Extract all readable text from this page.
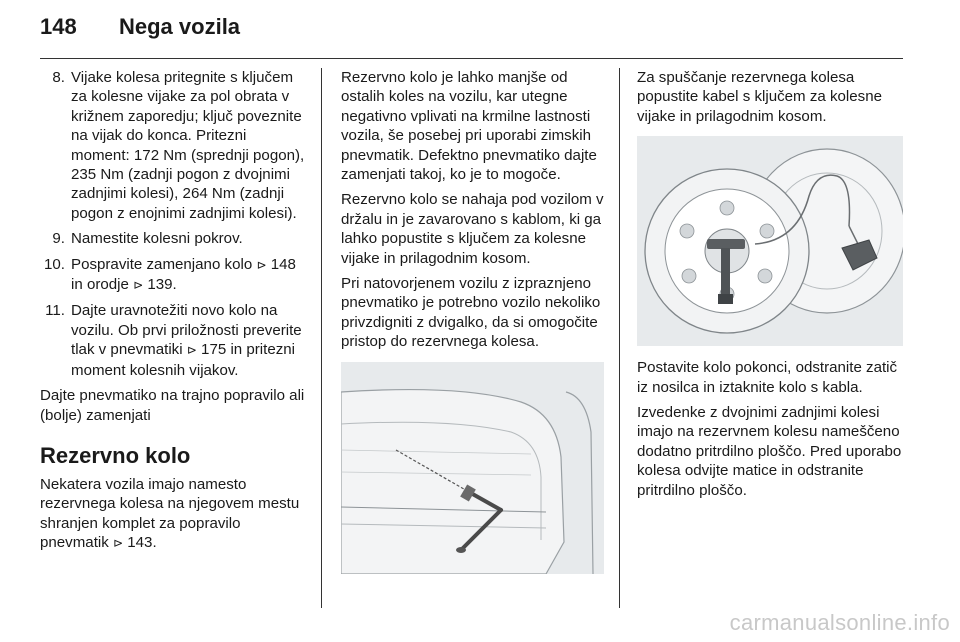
148 Nega vozila
8. Vijake kolesa pritegnite s ključem za kolesne vijake za pol obrata v križnem zaporedju; ključ poveznite na vijak do konca. Pritezni moment: 172 Nm (sprednji pogon), 235 Nm (zadnji pogon z dvojnimi zadnjimi kolesi), 264 Nm (zadnji pogon z enojnimi zadnjimi kolesi).
9. Namestite kolesni pokrov.
10. Pospravite zamenjano kolo ⊳ 148 in orodje ⊳ 139.
11. Dajte uravnotežiti novo kolo na vozilu. Ob prvi priložnosti preverite tlak v pnevmatiki ⊳ 175 in pritezni moment kolesnih vijakov.

Dajte pnevmatiko na trajno popravilo ali (bolje) zamenjati

Rezervno kolo

Nekatera vozila imajo namesto rezervnega kolesa na njegovem mestu shranjen komplet za popravilo pnevmatik ⊳ 143.

Rezervno kolo je lahko manjše od ostalih koles na vozilu, kar utegne negativno vplivati na krmilne lastnosti vozila, še posebej pri uporabi zimskih pnevmatik. Defektno pnevmatiko dajte zamenjati takoj, ko je to mogoče.

Rezervno kolo se nahaja pod vozilom v držalu in je zavarovano s kablom, ki ga lahko popustite s ključem za kolesne vijake in prilagodnim kosom.

Pri natovorjenem vozilu z izpraznjeno pnevmatiko je potrebno vozilo nekoliko privzdigniti z dvigalko, da si omogočite pristop do rezervnega kolesa.

Za spuščanje rezervnega kolesa popustite kabel s ključem za kolesne vijake in prilagodnim kosom.

Postavite kolo pokonci, odstranite zatič iz nosilca in iztaknite kolo s kabla.

Izvedenke z dvojnimi zadnjimi kolesi imajo na rezervnem kolesu nameščeno dodatno pritrdilno ploščo. Pred uporabo kolesa odvijte matice in odstranite pritrdilno ploščo.

carmanualsonline.info
